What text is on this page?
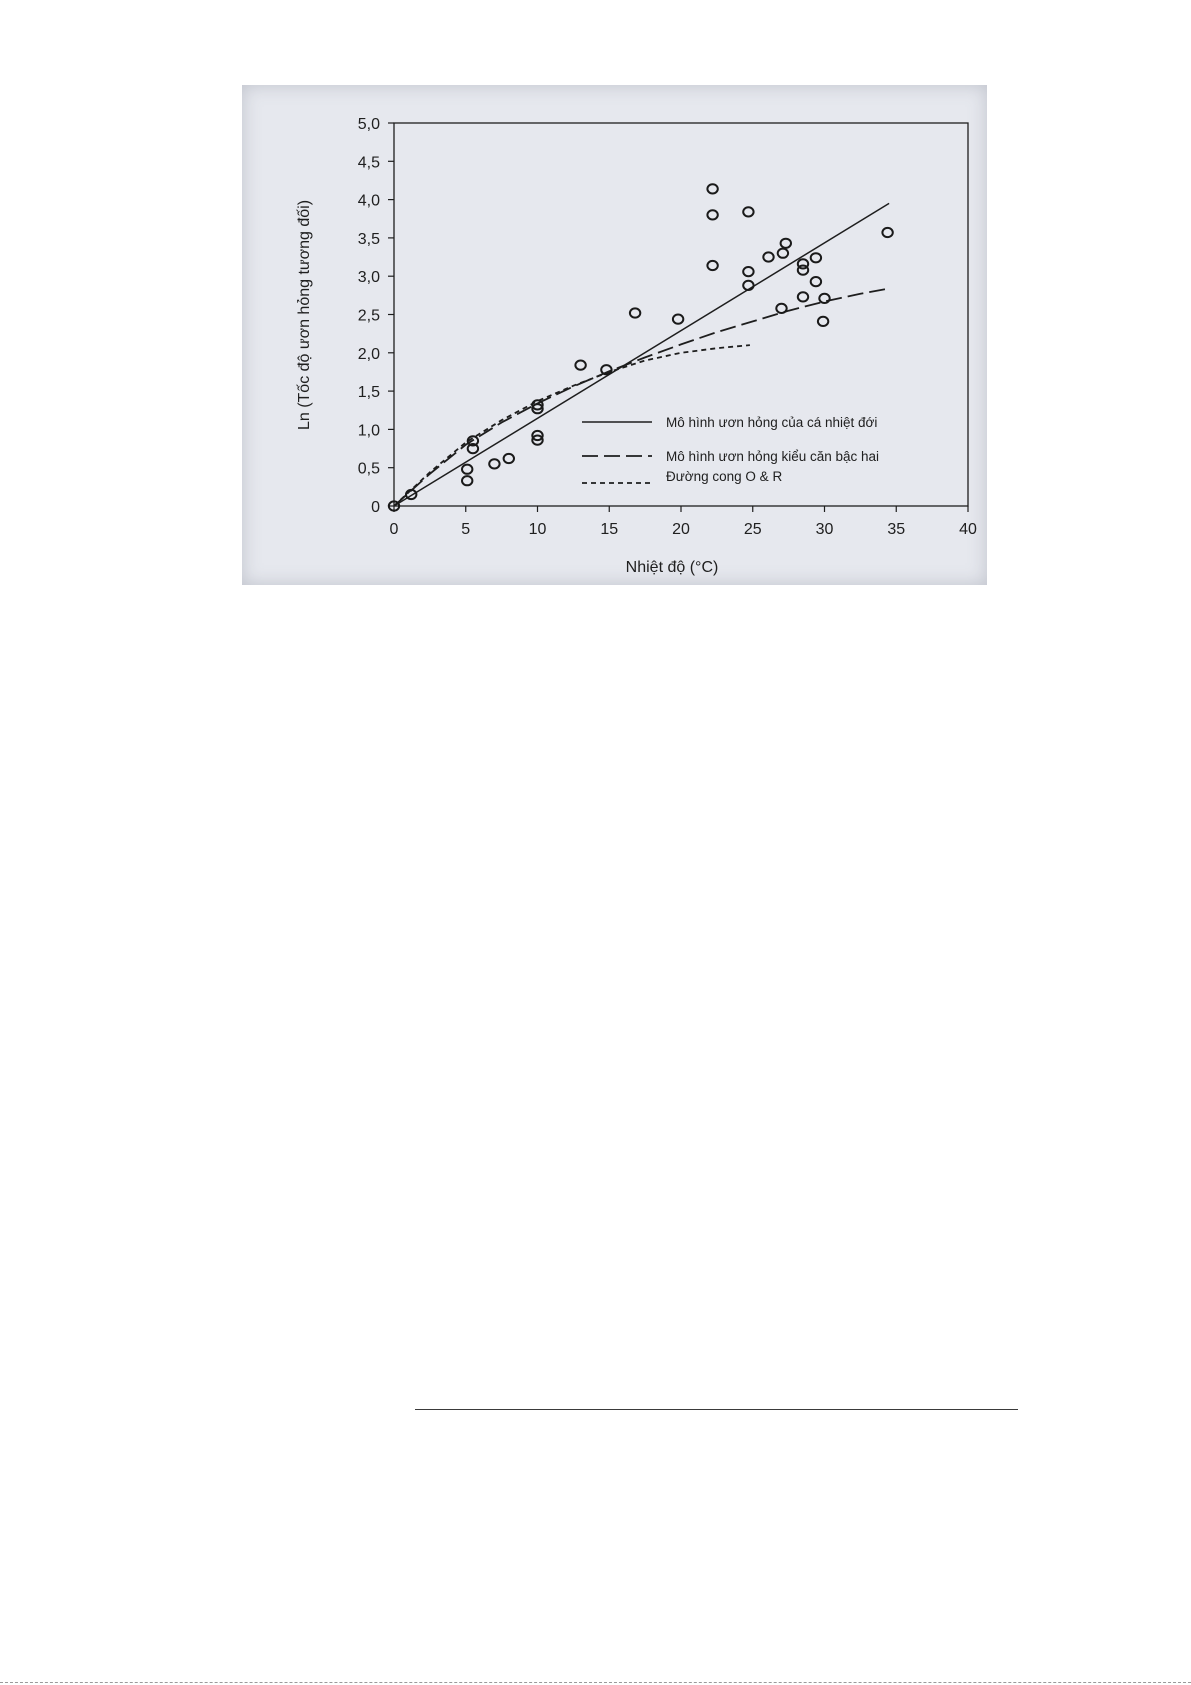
0	5	10	15	20	25	30	35	40
0
0,5
1,0
1,5
2,0
2,5
3,0
3,5
4,0
4,5
5,0
Mô hình ươn hỏng của cá nhiệt đới
Mô hình ươn hỏng kiểu căn bậc hai
Đường cong O & R
Nhiệt độ (°C)
Ln (Tốc độ ươn hỏng tương đối)
